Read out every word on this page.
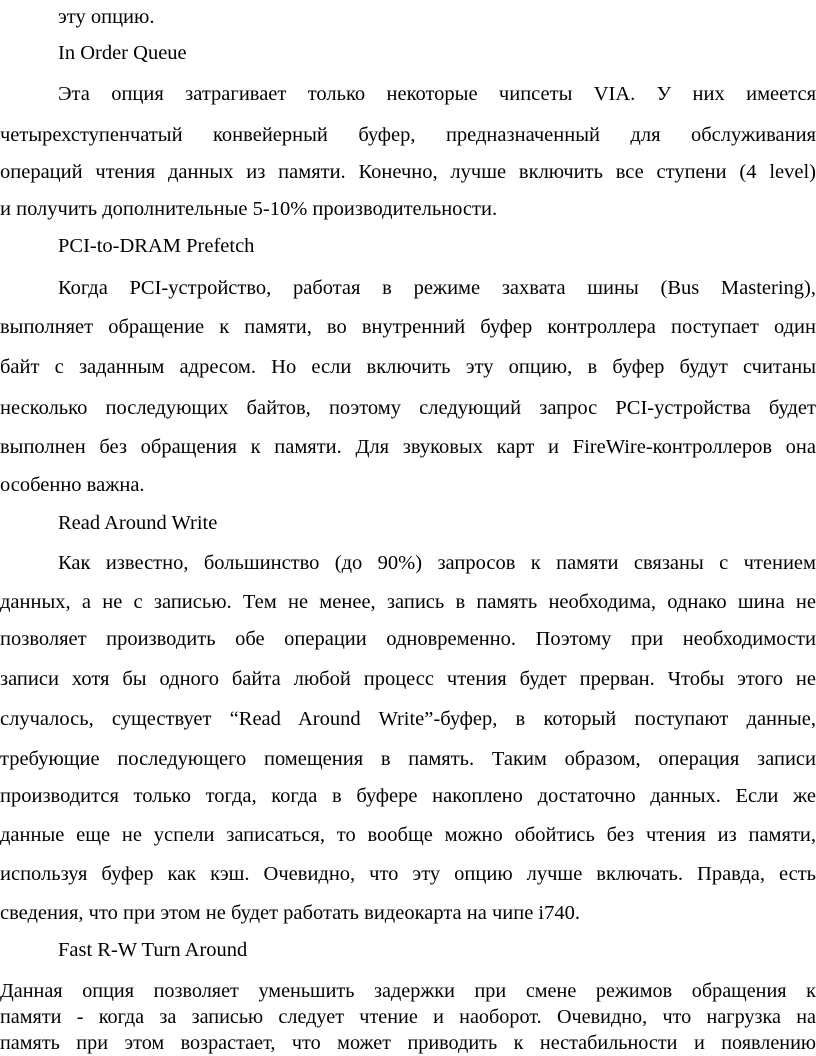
эту опцию.
In Order Queue
Эта опция затрагивает только некоторые чипсеты VIA. У них имеется
четырехступенчатый конвейерный буфер, предназначенный для обслуживания
операций чтения данных из памяти. Конечно, лучше включить все ступени (4 level)
и получить дополнительные 5-10% производительности.
PCI-to-DRAM Prefetch
Когда PCI-устройство, работая в режиме захвата шины (Bus Mastering),
выполняет обращение к памяти, во внутренний буфер контроллера поступает один
байт с заданным адресом. Но если включить эту опцию, в буфер будут считаны
несколько последующих байтов, поэтому следующий запрос PCI-устройства будет
выполнен без обращения к памяти. Для звуковых карт и FireWire-контроллеров она
особенно важна.
Read Around Write
Как известно, большинство (до 90%) запросов к памяти связаны с чтением
данных, а не с записью. Тем не менее, запись в память необходима, однако шина не
позволяет производить обе операции одновременно. Поэтому при необходимости
записи хотя бы одного байта любой процесс чтения будет прерван. Чтобы этого не
случалось, существует “Read Around Write”-буфер, в который поступают данные,
требующие последующего помещения в память. Таким образом, операция записи
производится только тогда, когда в буфере накоплено достаточно данных. Если же
данные еще не успели записаться, то вообще можно обойтись без чтения из памяти,
используя буфер как кэш. Очевидно, что эту опцию лучше включать. Правда, есть
сведения, что при этом не будет работать видеокарта на чипе i740.
Fast R-W Turn Around
Данная опция позволяет уменьшить задержки при смене режимов обращения к
памяти - когда за записью следует чтение и наоборот. Очевидно, что нагрузка на
память при этом возрастает, что может приводить к нестабильности и появлению
